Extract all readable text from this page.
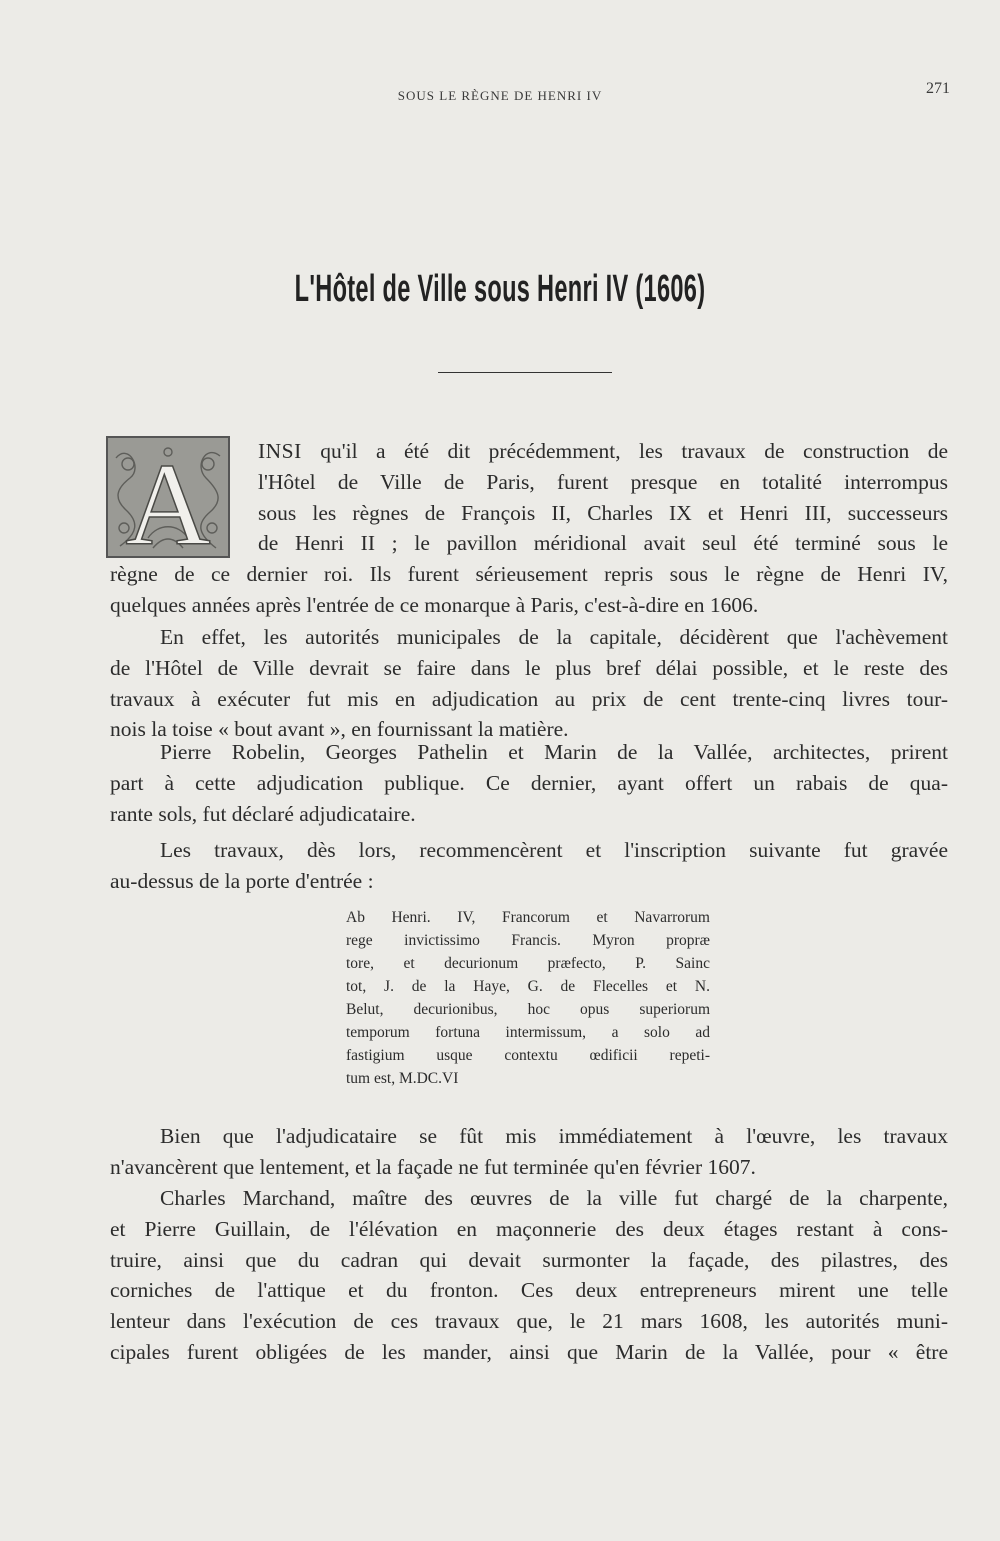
SOUS LE RÈGNE DE HENRI IV	271
L'Hôtel de Ville sous Henri IV (1606)
A INSI qu'il a été dit précédemment, les travaux de construction de
l'Hôtel de Ville de Paris, furent presque en totalité interrompus
sous les règnes de François II, Charles IX et Henri III, successeurs
de Henri II ; le pavillon méridional avait seul été terminé sous le
règne de ce dernier roi. Ils furent sérieusement repris sous le règne de Henri IV,
quelques années après l'entrée de ce monarque à Paris, c'est-à-dire en 1606.
En effet, les autorités municipales de la capitale, décidèrent que l'achèvement
de l'Hôtel de Ville devrait se faire dans le plus bref délai possible, et le reste des
travaux à exécuter fut mis en adjudication au prix de cent trente-cinq livres tour-
nois la toise « bout avant », en fournissant la matière.
Pierre Robelin, Georges Pathelin et Marin de la Vallée, architectes, prirent
part à cette adjudication publique. Ce dernier, ayant offert un rabais de qua-
rante sols, fut déclaré adjudicataire.
Les travaux, dès lors, recommencèrent et l'inscription suivante fut gravée
au-dessus de la porte d'entrée :
Ab Henri. IV, Francorum et Navarrorum
rege invictissimo Francis. Myron propræ
tore, et decurionum præfecto, P. Sainc
tot, J. de la Haye, G. de Flecelles et N.
Belut, decurionibus, hoc opus superiorum
temporum fortuna intermissum, a solo ad
fastigium usque contextu œdificii repeti-
tum est, M.DC.VI
Bien que l'adjudicataire se fût mis immédiatement à l'œuvre, les travaux
n'avancèrent que lentement, et la façade ne fut terminée qu'en février 1607.
Charles Marchand, maître des œuvres de la ville fut chargé de la charpente,
et Pierre Guillain, de l'élévation en maçonnerie des deux étages restant à cons-
truire, ainsi que du cadran qui devait surmonter la façade, des pilastres, des
corniches de l'attique et du fronton. Ces deux entrepreneurs mirent une telle
lenteur dans l'exécution de ces travaux que, le 21 mars 1608, les autorités muni-
cipales furent obligées de les mander, ainsi que Marin de la Vallée, pour « être
